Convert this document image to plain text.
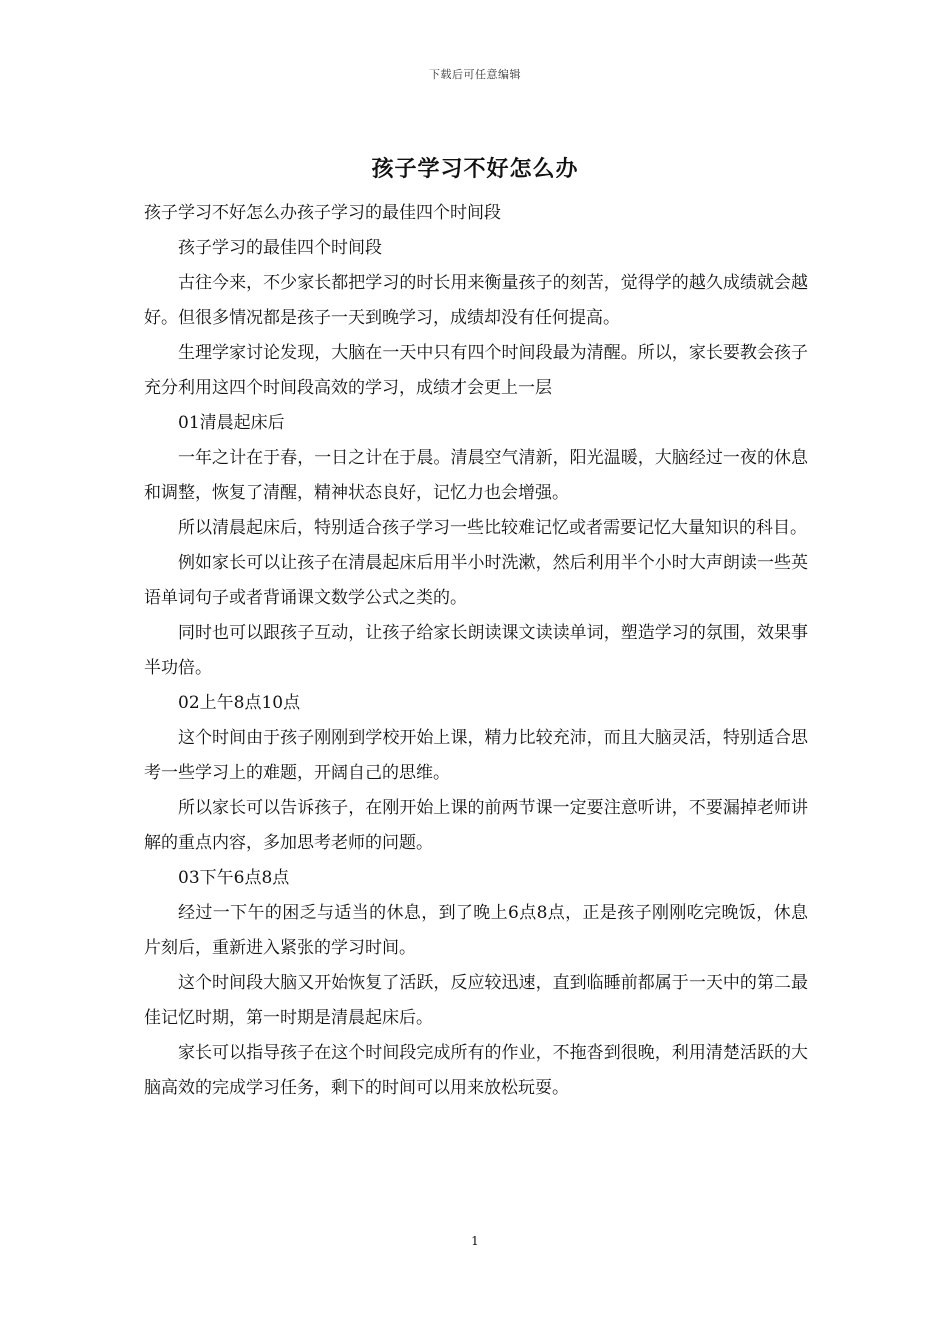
下载后可任意编辑
孩子学习不好怎么办

孩子学习不好怎么办孩子学习的最佳四个时间段

孩子学习的最佳四个时间段

古往今来，不少家长都把学习的时长用来衡量孩子的刻苦，觉得学的越久成绩就会越好。但很多情况都是孩子一天到晚学习，成绩却没有任何提高。

生理学家讨论发现，大脑在一天中只有四个时间段最为清醒。所以，家长要教会孩子充分利用这四个时间段高效的学习，成绩才会更上一层

01清晨起床后

一年之计在于春，一日之计在于晨。清晨空气清新，阳光温暖，大脑经过一夜的休息和调整，恢复了清醒，精神状态良好，记忆力也会增强。

所以清晨起床后，特别适合孩子学习一些比较难记忆或者需要记忆大量知识的科目。

例如家长可以让孩子在清晨起床后用半小时洗漱，然后利用半个小时大声朗读一些英语单词句子或者背诵课文数学公式之类的。

同时也可以跟孩子互动，让孩子给家长朗读课文读读单词，塑造学习的氛围，效果事半功倍。

02上午8点10点

这个时间由于孩子刚刚到学校开始上课，精力比较充沛，而且大脑灵活，特别适合思考一些学习上的难题，开阔自己的思维。

所以家长可以告诉孩子，在刚开始上课的前两节课一定要注意听讲，不要漏掉老师讲解的重点内容，多加思考老师的问题。

03下午6点8点

经过一下午的困乏与适当的休息，到了晚上6点8点，正是孩子刚刚吃完晚饭，休息片刻后，重新进入紧张的学习时间。

这个时间段大脑又开始恢复了活跃，反应较迅速，直到临睡前都属于一天中的第二最佳记忆时期，第一时期是清晨起床后。

家长可以指导孩子在这个时间段完成所有的作业，不拖沓到很晚，利用清楚活跃的大脑高效的完成学习任务，剩下的时间可以用来放松玩耍。

1
